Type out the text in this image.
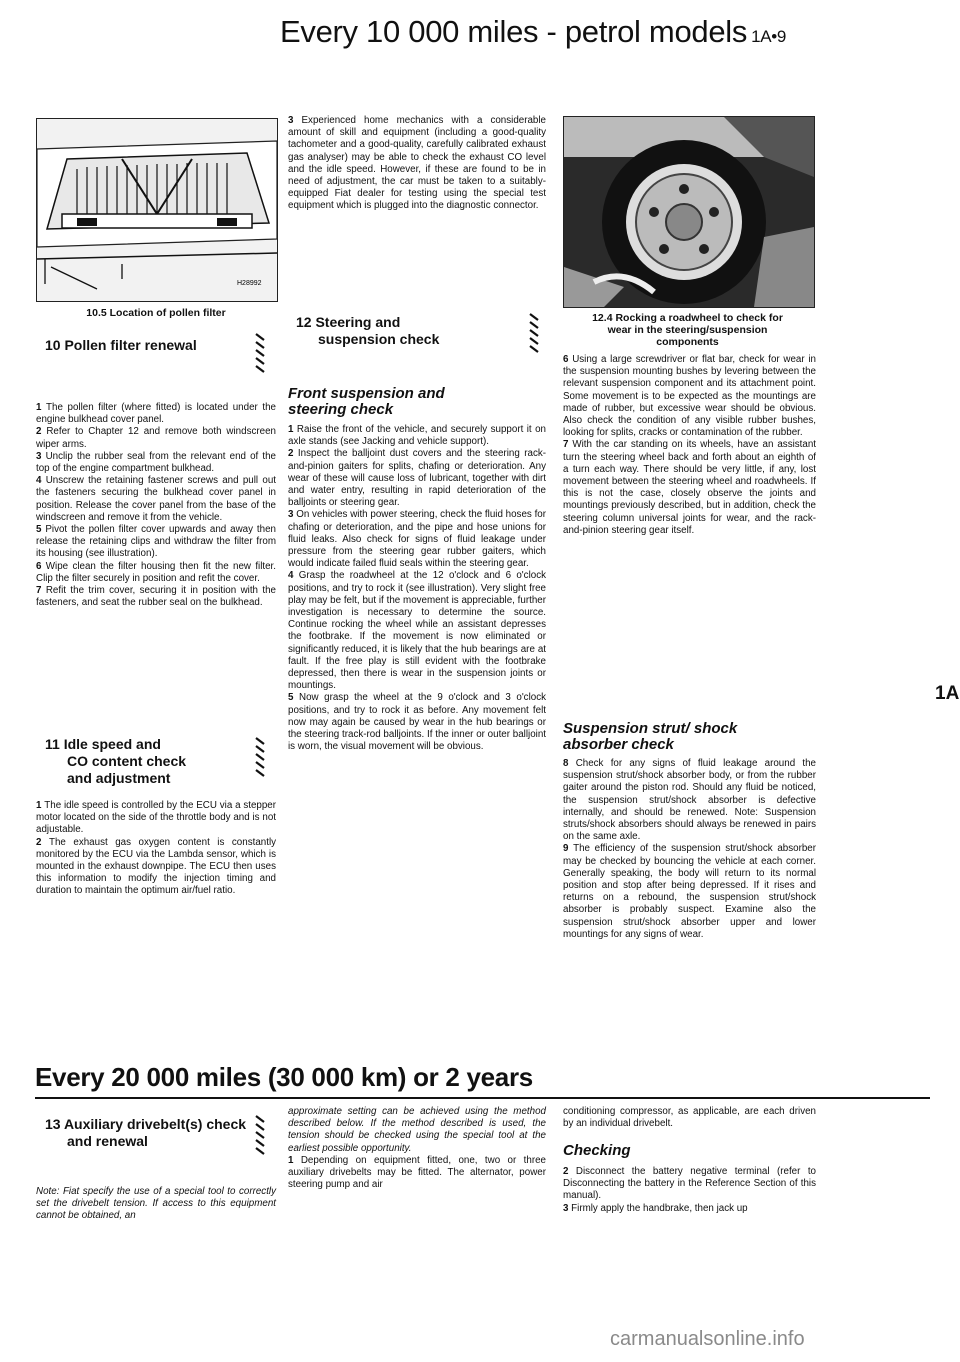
Every 10 000 miles - petrol models 1A•9
H28992
10.5 Location of pollen filter
10 Pollen filter renewal

1 The pollen filter (where fitted) is located under the engine bulkhead cover panel.

2 Refer to Chapter 12 and remove both windscreen wiper arms.

3 Unclip the rubber seal from the relevant end of the top of the engine compartment bulkhead.

4 Unscrew the retaining fastener screws and pull out the fasteners securing the bulkhead cover panel in position. Release the cover panel from the base of the windscreen and remove it from the vehicle.

5 Pivot the pollen filter cover upwards and away then release the retaining clips and withdraw the filter from its housing (see illustration).

6 Wipe clean the filter housing then fit the new filter. Clip the filter securely in position and refit the cover.

7 Refit the trim cover, securing it in position with the fasteners, and seat the rubber seal on the bulkhead.

11 Idle speed and
CO content check
and adjustment

1 The idle speed is controlled by the ECU via a stepper motor located on the side of the throttle body and is not adjustable.

2 The exhaust gas oxygen content is constantly monitored by the ECU via the Lambda sensor, which is mounted in the exhaust downpipe. The ECU then uses this information to modify the injection timing and duration to maintain the optimum air/fuel ratio.

3 Experienced home mechanics with a considerable amount of skill and equipment (including a good-quality tachometer and a good-quality, carefully calibrated exhaust gas analyser) may be able to check the exhaust CO level and the idle speed. However, if these are found to be in need of adjustment, the car must be taken to a suitably-equipped Fiat dealer for testing using the special test equipment which is plugged into the diagnostic connector.

12 Steering and
suspension check
Front suspension and steering check

1 Raise the front of the vehicle, and securely support it on axle stands (see Jacking and vehicle support).

2 Inspect the balljoint dust covers and the steering rack-and-pinion gaiters for splits, chafing or deterioration. Any wear of these will cause loss of lubricant, together with dirt and water entry, resulting in rapid deterioration of the balljoints or steering gear.

3 On vehicles with power steering, check the fluid hoses for chafing or deterioration, and the pipe and hose unions for fluid leaks. Also check for signs of fluid leakage under pressure from the steering gear rubber gaiters, which would indicate failed fluid seals within the steering gear.

4 Grasp the roadwheel at the 12 o'clock and 6 o'clock positions, and try to rock it (see illustration). Very slight free play may be felt, but if the movement is appreciable, further investigation is necessary to determine the source. Continue rocking the wheel while an assistant depresses the footbrake. If the movement is now eliminated or significantly reduced, it is likely that the hub bearings are at fault. If the free play is still evident with the footbrake depressed, then there is wear in the suspension joints or mountings.

5 Now grasp the wheel at the 9 o'clock and 3 o'clock positions, and try to rock it as before. Any movement felt now may again be caused by wear in the hub bearings or the steering track-rod balljoints. If the inner or outer balljoint is worn, the visual movement will be obvious.

12.4 Rocking a roadwheel to check for wear in the steering/suspension components

6 Using a large screwdriver or flat bar, check for wear in the suspension mounting bushes by levering between the relevant suspension component and its attachment point. Some movement is to be expected as the mountings are made of rubber, but excessive wear should be obvious. Also check the condition of any visible rubber bushes, looking for splits, cracks or contamination of the rubber.

7 With the car standing on its wheels, have an assistant turn the steering wheel back and forth about an eighth of a turn each way. There should be very little, if any, lost movement between the steering wheel and roadwheels. If this is not the case, closely observe the joints and mountings previously described, but in addition, check the steering column universal joints for wear, and the rack-and-pinion steering gear itself.

Suspension strut/ shock absorber check

8 Check for any signs of fluid leakage around the suspension strut/shock absorber body, or from the rubber gaiter around the piston rod. Should any fluid be noticed, the suspension strut/shock absorber is defective internally, and should be renewed. Note: Suspension struts/shock absorbers should always be renewed in pairs on the same axle.

9 The efficiency of the suspension strut/shock absorber may be checked by bouncing the vehicle at each corner. Generally speaking, the body will return to its normal position and stop after being depressed. If it rises and returns on a rebound, the suspension strut/shock absorber is probably suspect. Examine also the suspension strut/shock absorber upper and lower mountings for any signs of wear.

1A
Every 20 000 miles (30 000 km) or 2 years
13 Auxiliary drivebelt(s) check
and renewal

Note: Fiat specify the use of a special tool to correctly set the drivebelt tension. If access to this equipment cannot be obtained, an

approximate setting can be achieved using the method described below. If the method described is used, the tension should be checked using the special tool at the earliest possible opportunity.

1 Depending on equipment fitted, one, two or three auxiliary drivebelts may be fitted. The alternator, power steering pump and air

conditioning compressor, as applicable, are each driven by an individual drivebelt.

Checking

2 Disconnect the battery negative terminal (refer to Disconnecting the battery in the Reference Section of this manual).

3 Firmly apply the handbrake, then jack up

carmanualsonline.info
